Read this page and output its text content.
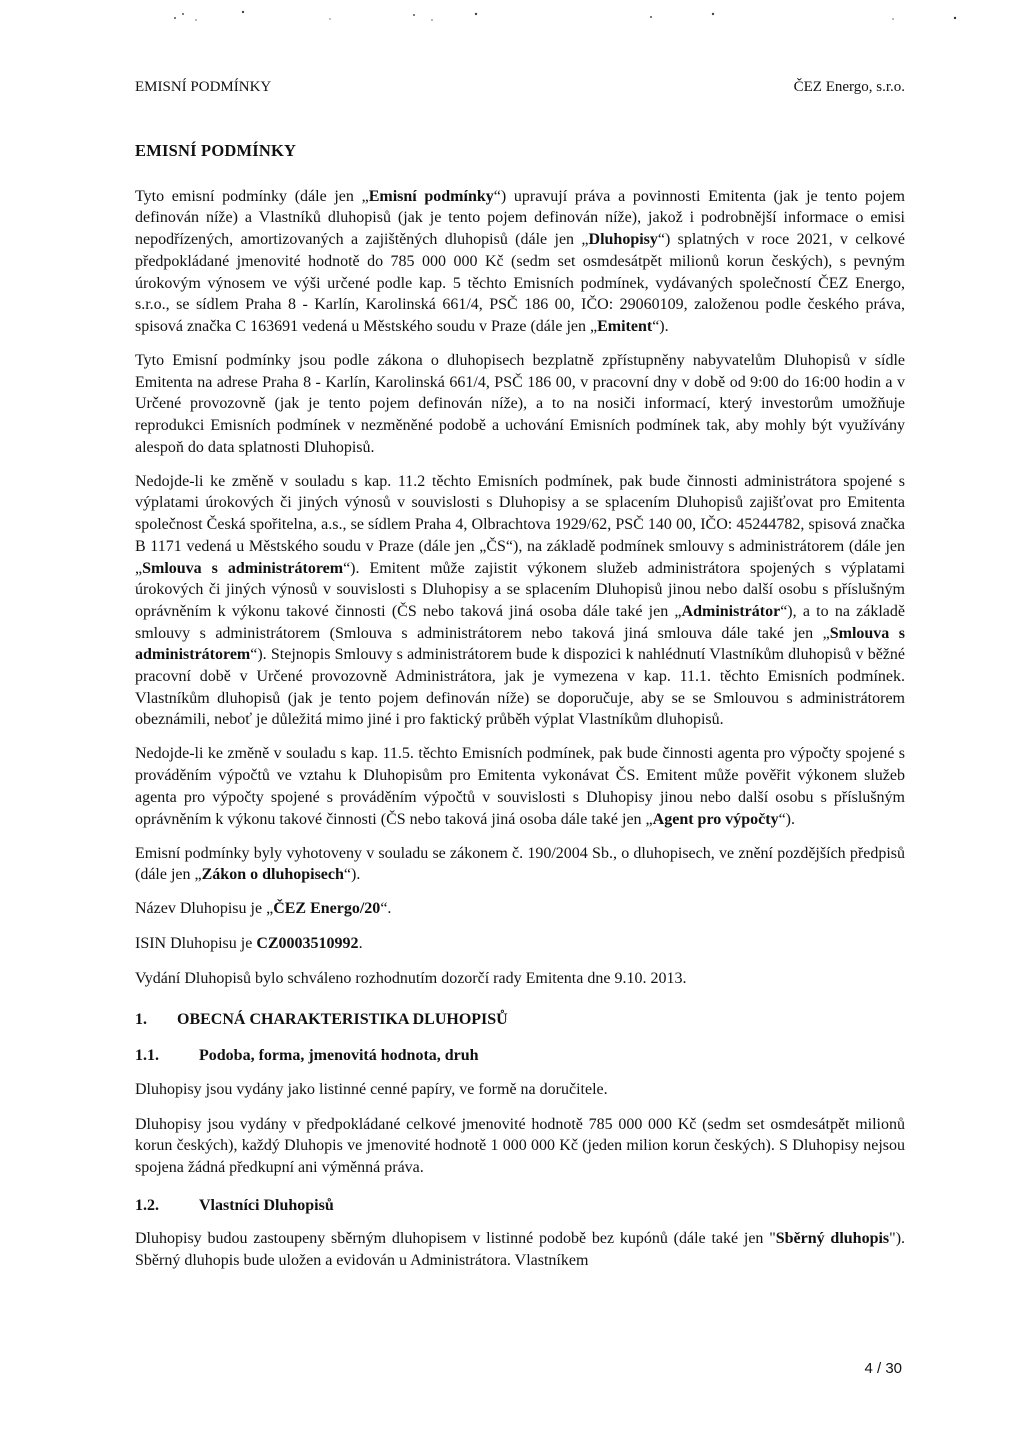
EMISNÍ PODMÍNKY	ČEZ Energo, s.r.o.
EMISNÍ PODMÍNKY

Tyto emisní podmínky (dále jen „Emisní podmínky“) upravují práva a povinnosti Emitenta (jak je tento pojem definován níže) a Vlastníků dluhopisů (jak je tento pojem definován níže), jakož i podrobnější informace o emisi nepodřízených, amortizovaných a zajištěných dluhopisů (dále jen „Dluhopisy“) splatných v roce 2021, v celkové předpokládané jmenovité hodnotě do 785 000 000 Kč (sedm set osmdesátpět milionů korun českých), s pevným úrokovým výnosem ve výši určené podle kap. 5 těchto Emisních podmínek, vydávaných společností ČEZ Energo, s.r.o., se sídlem Praha 8 - Karlín, Karolinská 661/4, PSČ 186 00, IČO: 29060109, založenou podle českého práva, spisová značka C 163691 vedená u Městského soudu v Praze (dále jen „Emitent“).

Tyto Emisní podmínky jsou podle zákona o dluhopisech bezplatně zpřístupněny nabyvatelům Dluhopisů v sídle Emitenta na adrese Praha 8 - Karlín, Karolinská 661/4, PSČ 186 00, v pracovní dny v době od 9:00 do 16:00 hodin a v Určené provozovně (jak je tento pojem definován níže), a to na nosiči informací, který investorům umožňuje reprodukci Emisních podmínek v nezměněné podobě a uchování Emisních podmínek tak, aby mohly být využívány alespoň do data splatnosti Dluhopisů.

Nedojde-li ke změně v souladu s kap. 11.2 těchto Emisních podmínek, pak bude činnosti administrátora spojené s výplatami úrokových či jiných výnosů v souvislosti s Dluhopisy a se splacením Dluhopisů zajišťovat pro Emitenta společnost Česká spořitelna, a.s., se sídlem Praha 4, Olbrachtova 1929/62, PSČ 140 00, IČO: 45244782, spisová značka B 1171 vedená u Městského soudu v Praze (dále jen „ČS“), na základě podmínek smlouvy s administrátorem (dále jen „Smlouva s administrátorem“). Emitent může zajistit výkonem služeb administrátora spojených s výplatami úrokových či jiných výnosů v souvislosti s Dluhopisy a se splacením Dluhopisů jinou nebo další osobu s příslušným oprávněním k výkonu takové činnosti (ČS nebo taková jiná osoba dále také jen „Administrátor“), a to na základě smlouvy s administrátorem (Smlouva s administrátorem nebo taková jiná smlouva dále také jen „Smlouva s administrátorem“). Stejnopis Smlouvy s administrátorem bude k dispozici k nahlédnutí Vlastníkům dluhopisů v běžné pracovní době v Určené provozovně Administrátora, jak je vymezena v kap. 11.1. těchto Emisních podmínek. Vlastníkům dluhopisů (jak je tento pojem definován níže) se doporučuje, aby se se Smlouvou s administrátorem obeznámili, neboť je důležitá mimo jiné i pro faktický průběh výplat Vlastníkům dluhopisů.

Nedojde-li ke změně v souladu s kap. 11.5. těchto Emisních podmínek, pak bude činnosti agenta pro výpočty spojené s prováděním výpočtů ve vztahu k Dluhopisům pro Emitenta vykonávat ČS. Emitent může pověřit výkonem služeb agenta pro výpočty spojené s prováděním výpočtů v souvislosti s Dluhopisy jinou nebo další osobu s příslušným oprávněním k výkonu takové činnosti (ČS nebo taková jiná osoba dále také jen „Agent pro výpočty“).

Emisní podmínky byly vyhotoveny v souladu se zákonem č. 190/2004 Sb., o dluhopisech, ve znění pozdějších předpisů (dále jen „Zákon o dluhopisech“).

Název Dluhopisu je „ČEZ Energo/20“.

ISIN Dluhopisu je CZ0003510992.

Vydání Dluhopisů bylo schváleno rozhodnutím dozorčí rady Emitenta dne 9.10. 2013.

1.	OBECNÁ CHARAKTERISTIKA DLUHOPISŮ
1.1.	Podoba, forma, jmenovitá hodnota, druh

Dluhopisy jsou vydány jako listinné cenné papíry, ve formě na doručitele.

Dluhopisy jsou vydány v předpokládané celkové jmenovité hodnotě 785 000 000 Kč (sedm set osmdesátpět milionů korun českých), každý Dluhopis ve jmenovité hodnotě 1 000 000 Kč (jeden milion korun českých). S Dluhopisy nejsou spojena žádná předkupní ani výměnná práva.

1.2.	Vlastníci Dluhopisů

Dluhopisy budou zastoupeny sběrným dluhopisem v listinné podobě bez kupónů (dále také jen "Sběrný dluhopis"). Sběrný dluhopis bude uložen a evidován u Administrátora. Vlastníkem

4 / 30
